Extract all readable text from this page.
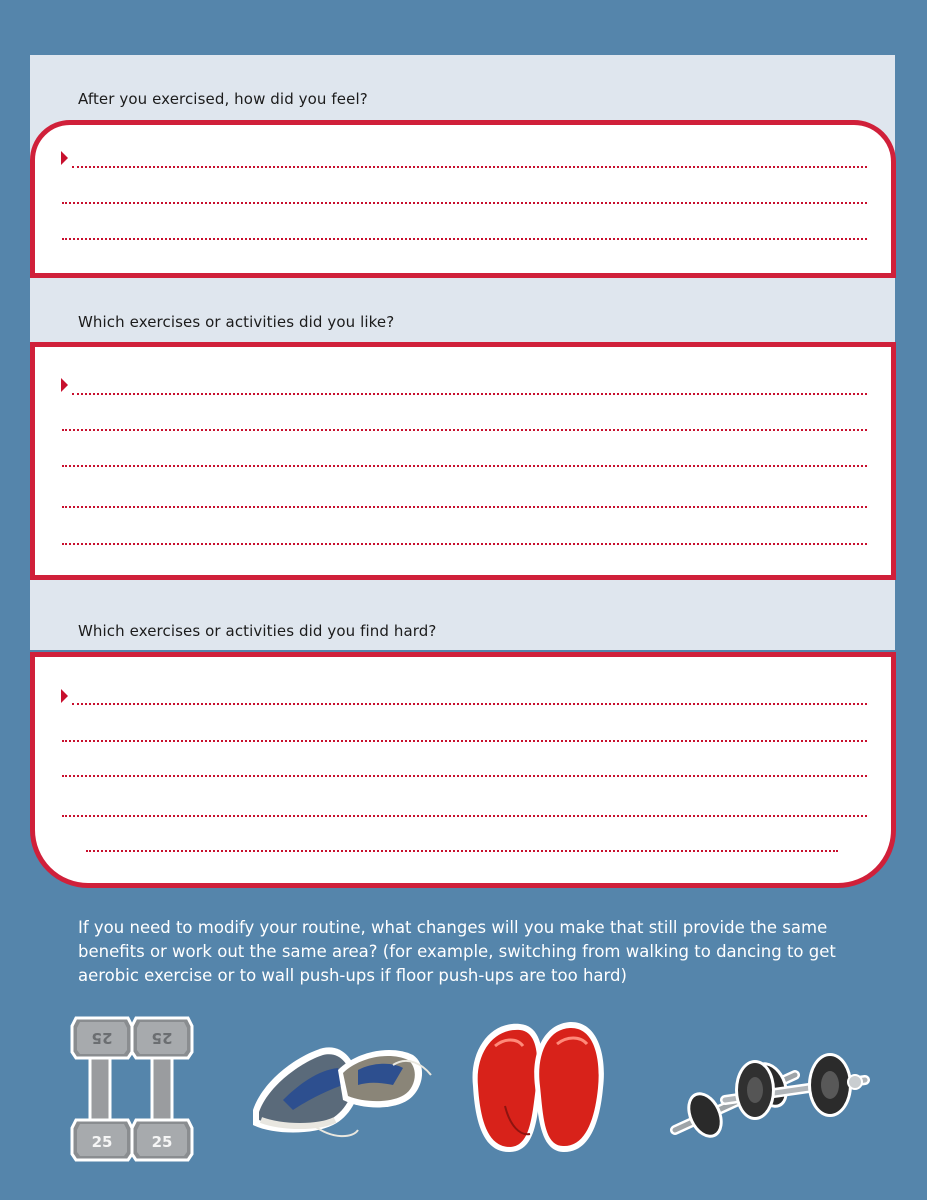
After you exercised, how did you feel?
Which exercises or activities did you like?
Which exercises or activities did you find hard?
If you need to modify your routine, what changes will you make that still provide the same benefits or work out the same area? (for example, switching from walking to dancing to get aerobic exercise or to wall push-ups if floor push-ups are too hard)
25
25
25
25
